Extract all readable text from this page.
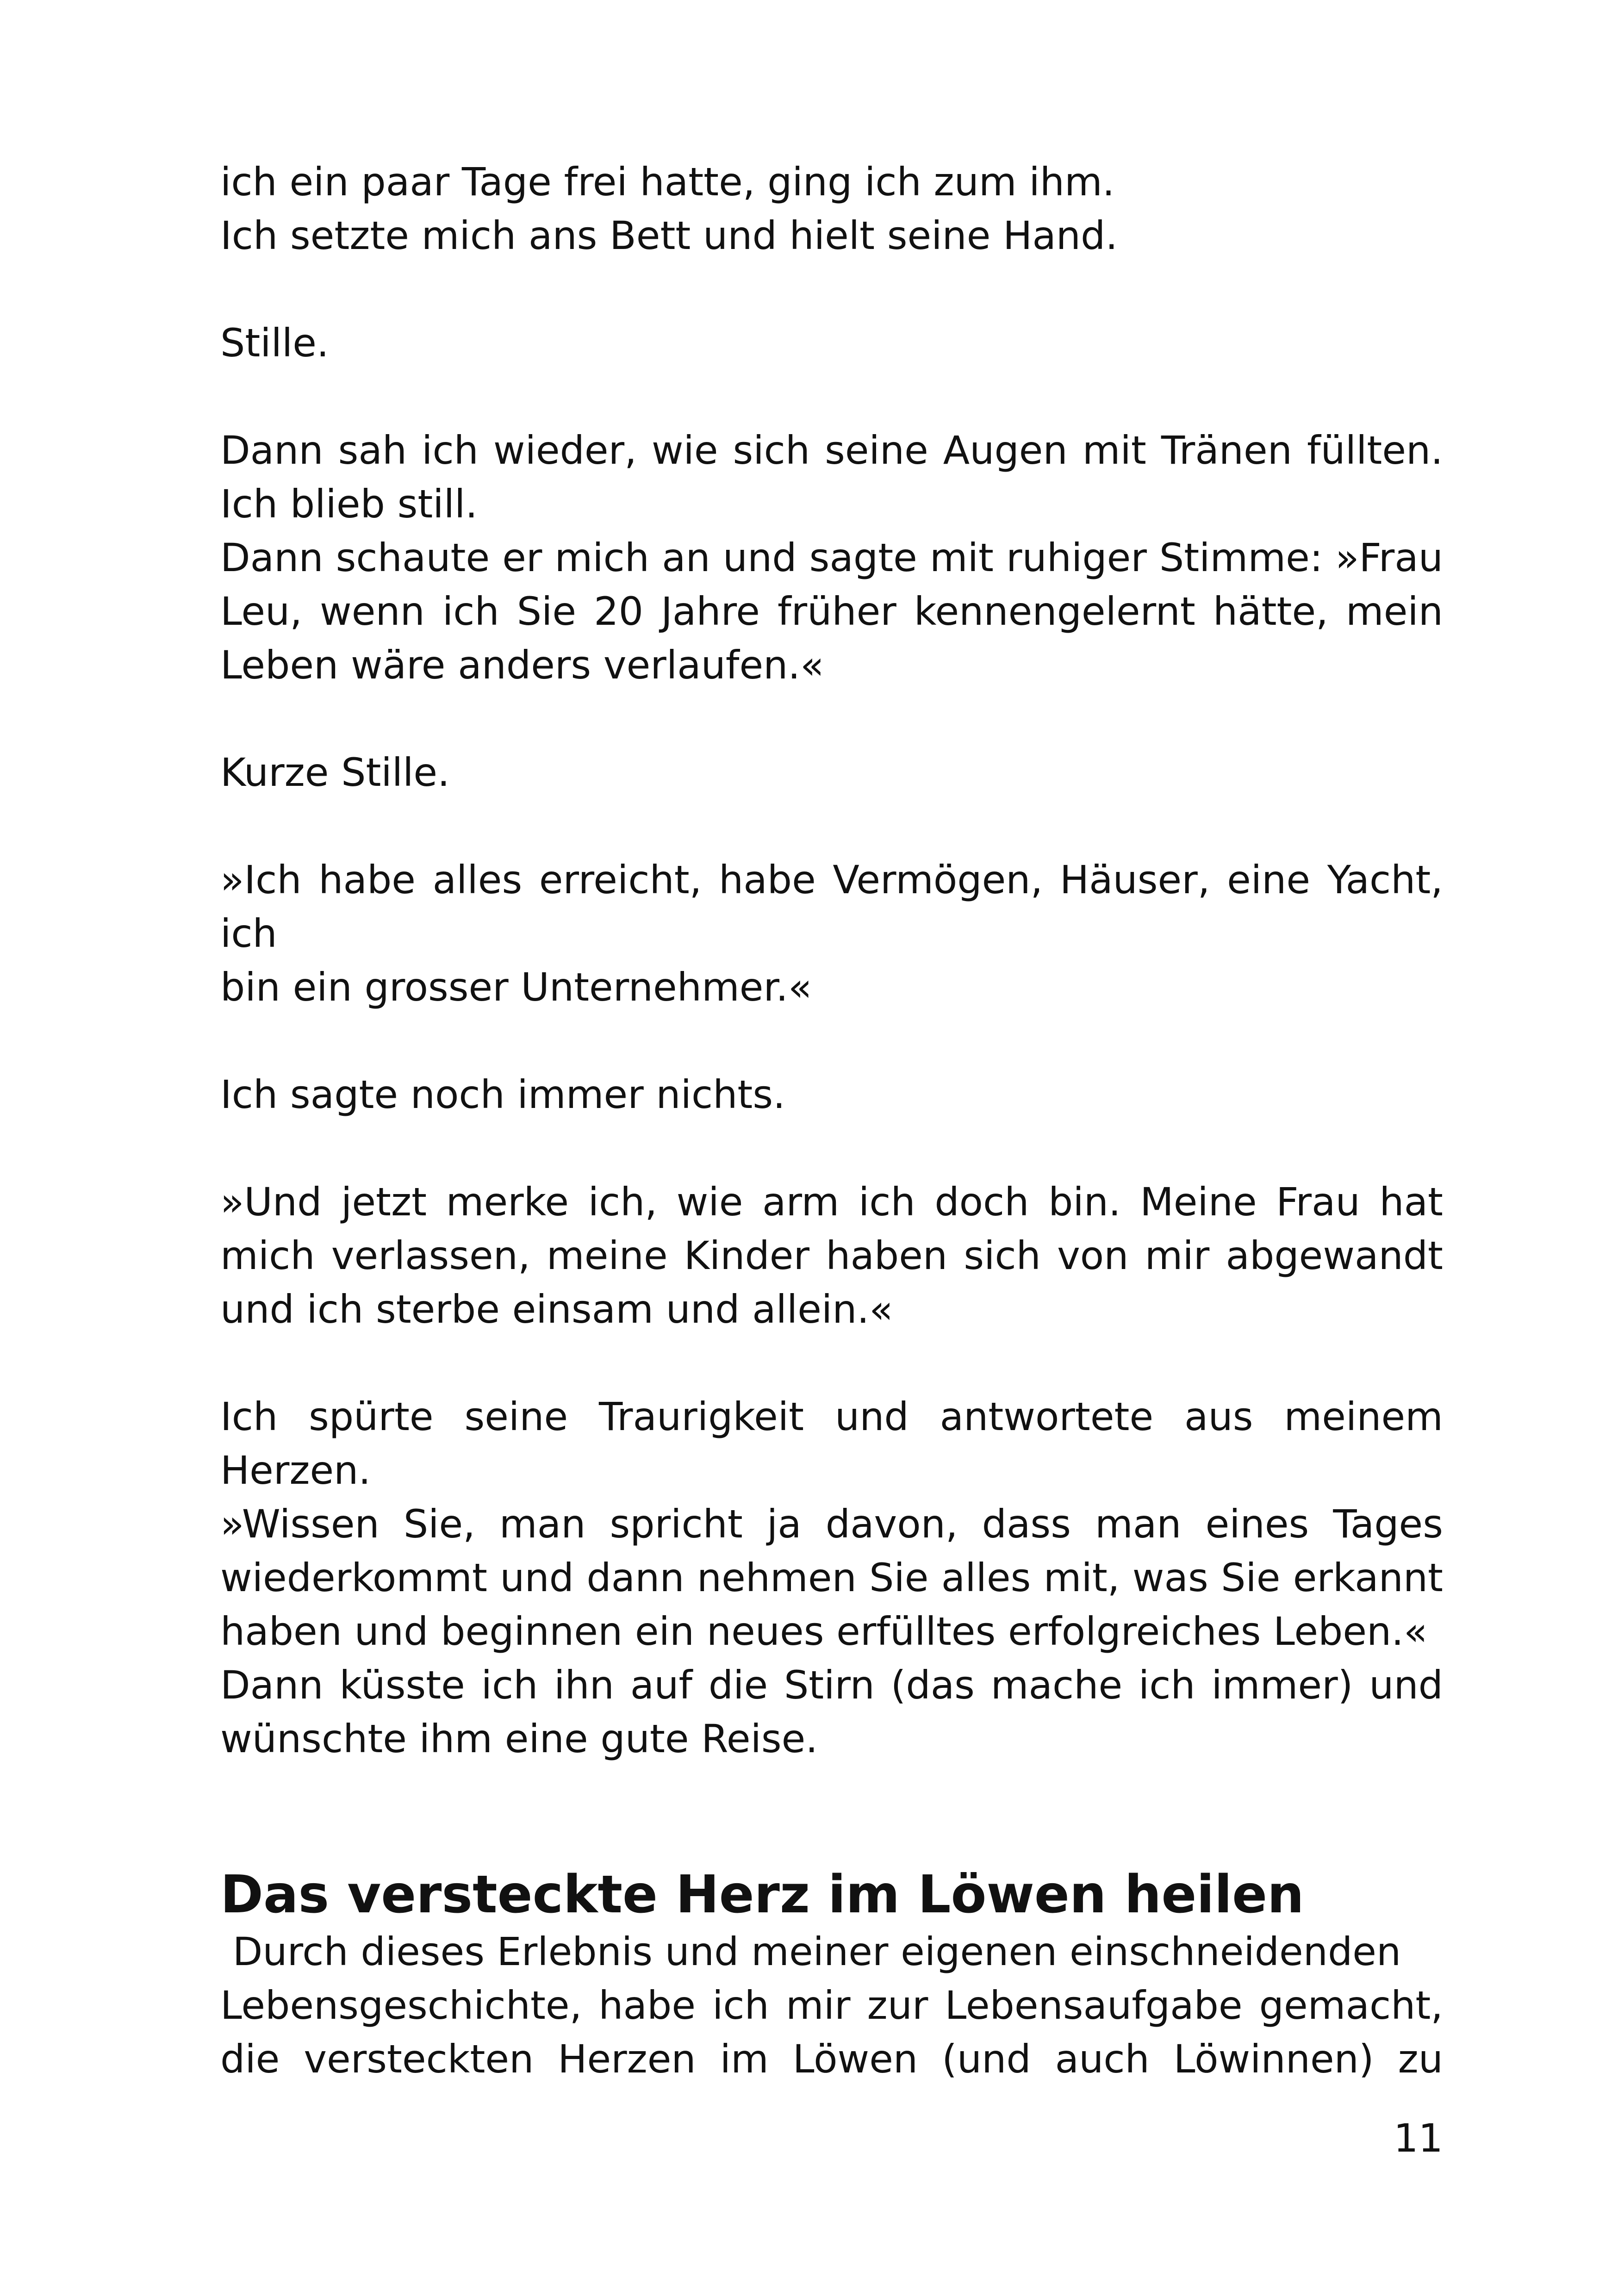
ich ein paar Tage frei hatte, ging ich zum ihm.
Ich setzte mich ans Bett und hielt seine Hand.
Stille.
Dann sah ich wieder, wie sich seine Augen mit Tränen füllten.
Ich blieb still.
Dann schaute er mich an und sagte mit ruhiger Stimme: »Frau
Leu, wenn ich Sie 20 Jahre früher kennengelernt hätte, mein
Leben wäre anders verlaufen.«
Kurze Stille.
»Ich habe alles erreicht, habe Vermögen, Häuser, eine Yacht, ich
bin ein grosser Unternehmer.«
Ich sagte noch immer nichts.
»Und jetzt merke ich, wie arm ich doch bin. Meine Frau hat
mich verlassen, meine Kinder haben sich von mir abgewandt
und ich sterbe einsam und allein.«
Ich spürte seine Traurigkeit und antwortete aus meinem Herzen.
»Wissen Sie, man spricht ja davon, dass man eines Tages
wiederkommt und dann nehmen Sie alles mit, was Sie erkannt
haben und beginnen ein neues erfülltes erfolgreiches Leben.«
Dann küsste ich ihn auf die Stirn (das mache ich immer) und
wünschte ihm eine gute Reise.
Das versteckte Herz im Löwen heilen
Durch dieses Erlebnis und meiner eigenen einschneidenden
Lebensgeschichte, habe ich mir zur Lebensaufgabe gemacht,
die versteckten Herzen im Löwen (und auch Löwinnen) zu
11
